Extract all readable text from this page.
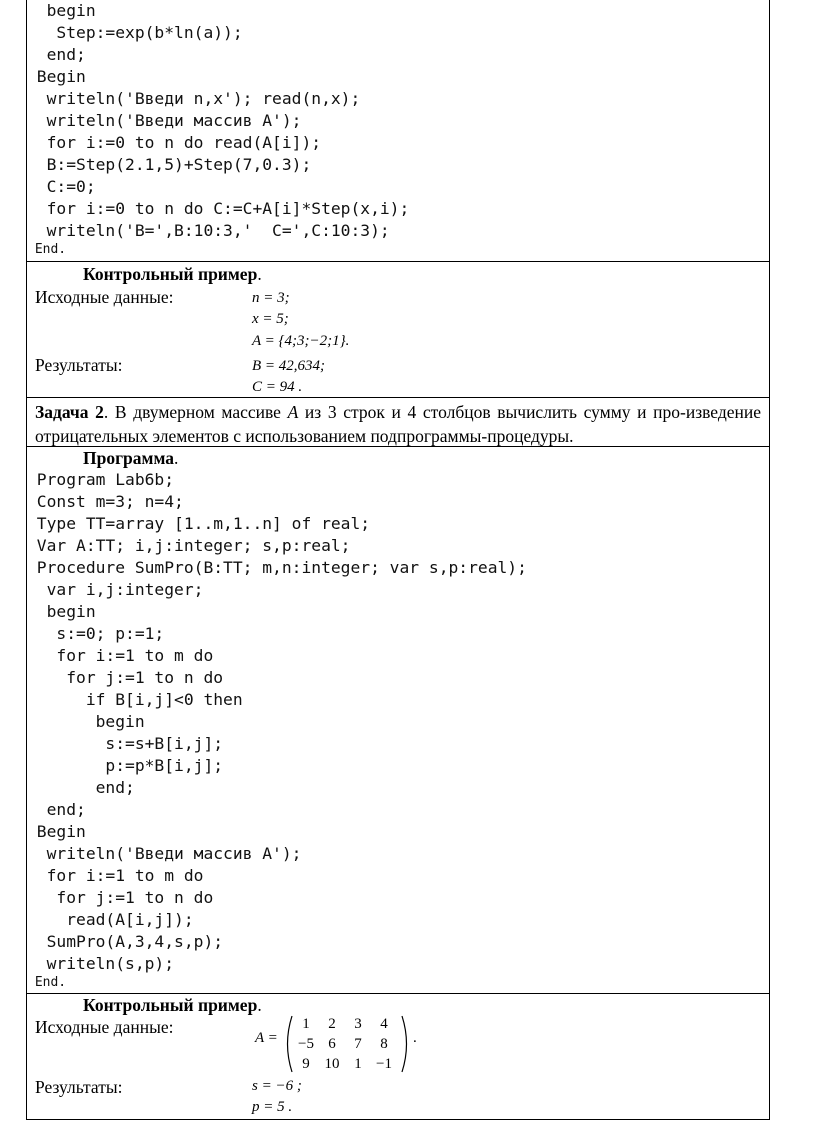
begin
Step:=exp(b*ln(a));
end;
Begin
writeln('Введи n,x'); read(n,x);
writeln('Введи массив A');
for i:=0 to n do read(A[i]);
B:=Step(2.1,5)+Step(7,0.3);
C:=0;
for i:=0 to n do C:=C+A[i]*Step(x,i);
writeln('B=',B:10:3,'  C=',C:10:3);
End.
Контрольный пример.
Исходные данные:	n = 3;
x = 5;
A = {4;3;−2;1}.
Результаты:	B = 42,634;
C = 94 .
Задача 2. В двумерном массиве A из 3 строк и 4 столбцов вычислить сумму и про-изведение отрицательных элементов с использованием подпрограммы-процедуры.
Программа.
Program Lab6b;
Const m=3; n=4;
Type TT=array [1..m,1..n] of real;
Var A:TT; i,j:integer; s,p:real;
Procedure SumPro(B:TT; m,n:integer; var s,p:real);
var i,j:integer;
begin
s:=0; p:=1;
for i:=1 to m do
for j:=1 to n do
if B[i,j]<0 then
begin
s:=s+B[i,j];
p:=p*B[i,j];
end;
end;
Begin
writeln('Введи массив A');
for i:=1 to m do
for j:=1 to n do
read(A[i,j]);
SumPro(A,3,4,s,p);
writeln(s,p);
End.
Контрольный пример.
Исходные данные:
A =
1	2	3	4
−5	6	7	8
9	10	1	−1
.
Результаты:	s = −6 ;
p = 5 .
